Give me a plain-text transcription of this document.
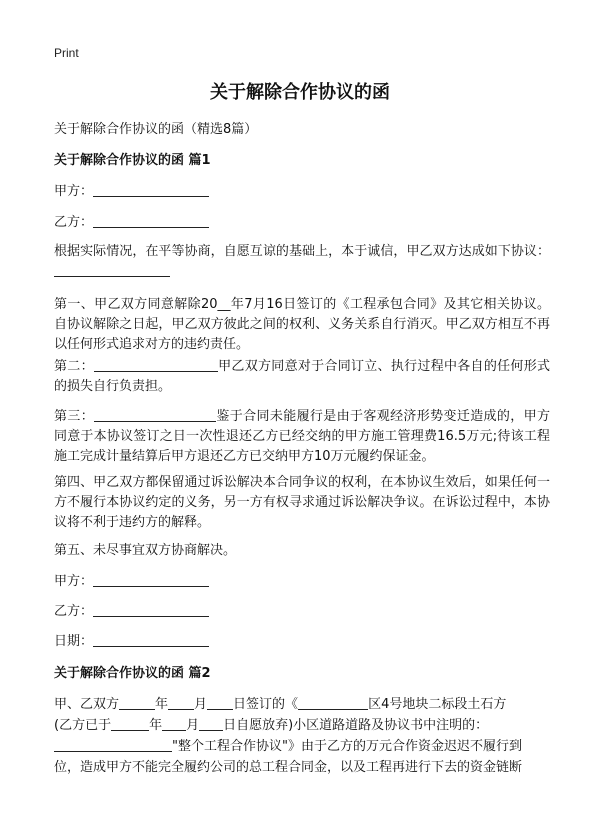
Print
关于解除合作协议的函
关于解除合作协议的函（精选8篇）
关于解除合作协议的函 篇1
甲方：
乙方：
根据实际情况，在平等协商，自愿互谅的基础上，本于诚信，甲乙双方达成如下协议：
第一、甲乙双方同意解除20__年7月16日签订的《工程承包合同》及其它相关协议。自协议解除之日起，甲乙双方彼此之间的权利、义务关系自行消灭。甲乙双方相互不再以任何形式追求对方的违约责任。
第二：	甲乙双方同意对于合同订立、执行过程中各自的任何形式的损失自行负责担。
第三：	鉴于合同未能履行是由于客观经济形势变迁造成的，甲方同意于本协议签订之日一次性退还乙方已经交纳的甲方施工管理费16.5万元;待该工程施工完成计量结算后甲方退还乙方已交纳甲方10万元履约保证金。
第四、甲乙双方都保留通过诉讼解决本合同争议的权利，在本协议生效后，如果任何一方不履行本协议约定的义务，另一方有权寻求通过诉讼解决争议。在诉讼过程中，本协议将不利于违约方的解释。
第五、未尽事宜双方协商解决。
甲方：
乙方：
日期：
关于解除合作协议的函 篇2
甲、乙双方	年 月 日签订的《	区4号地块二标段土石方
(乙方已于	年 月 日自愿放弃)小区道路道路及协议书中注明的：
"整个工程合作协议"》由于乙方的万元合作资金迟迟不履行到
位，造成甲方不能完全履约公司的总工程合同金，以及工程再进行下去的资金链断
